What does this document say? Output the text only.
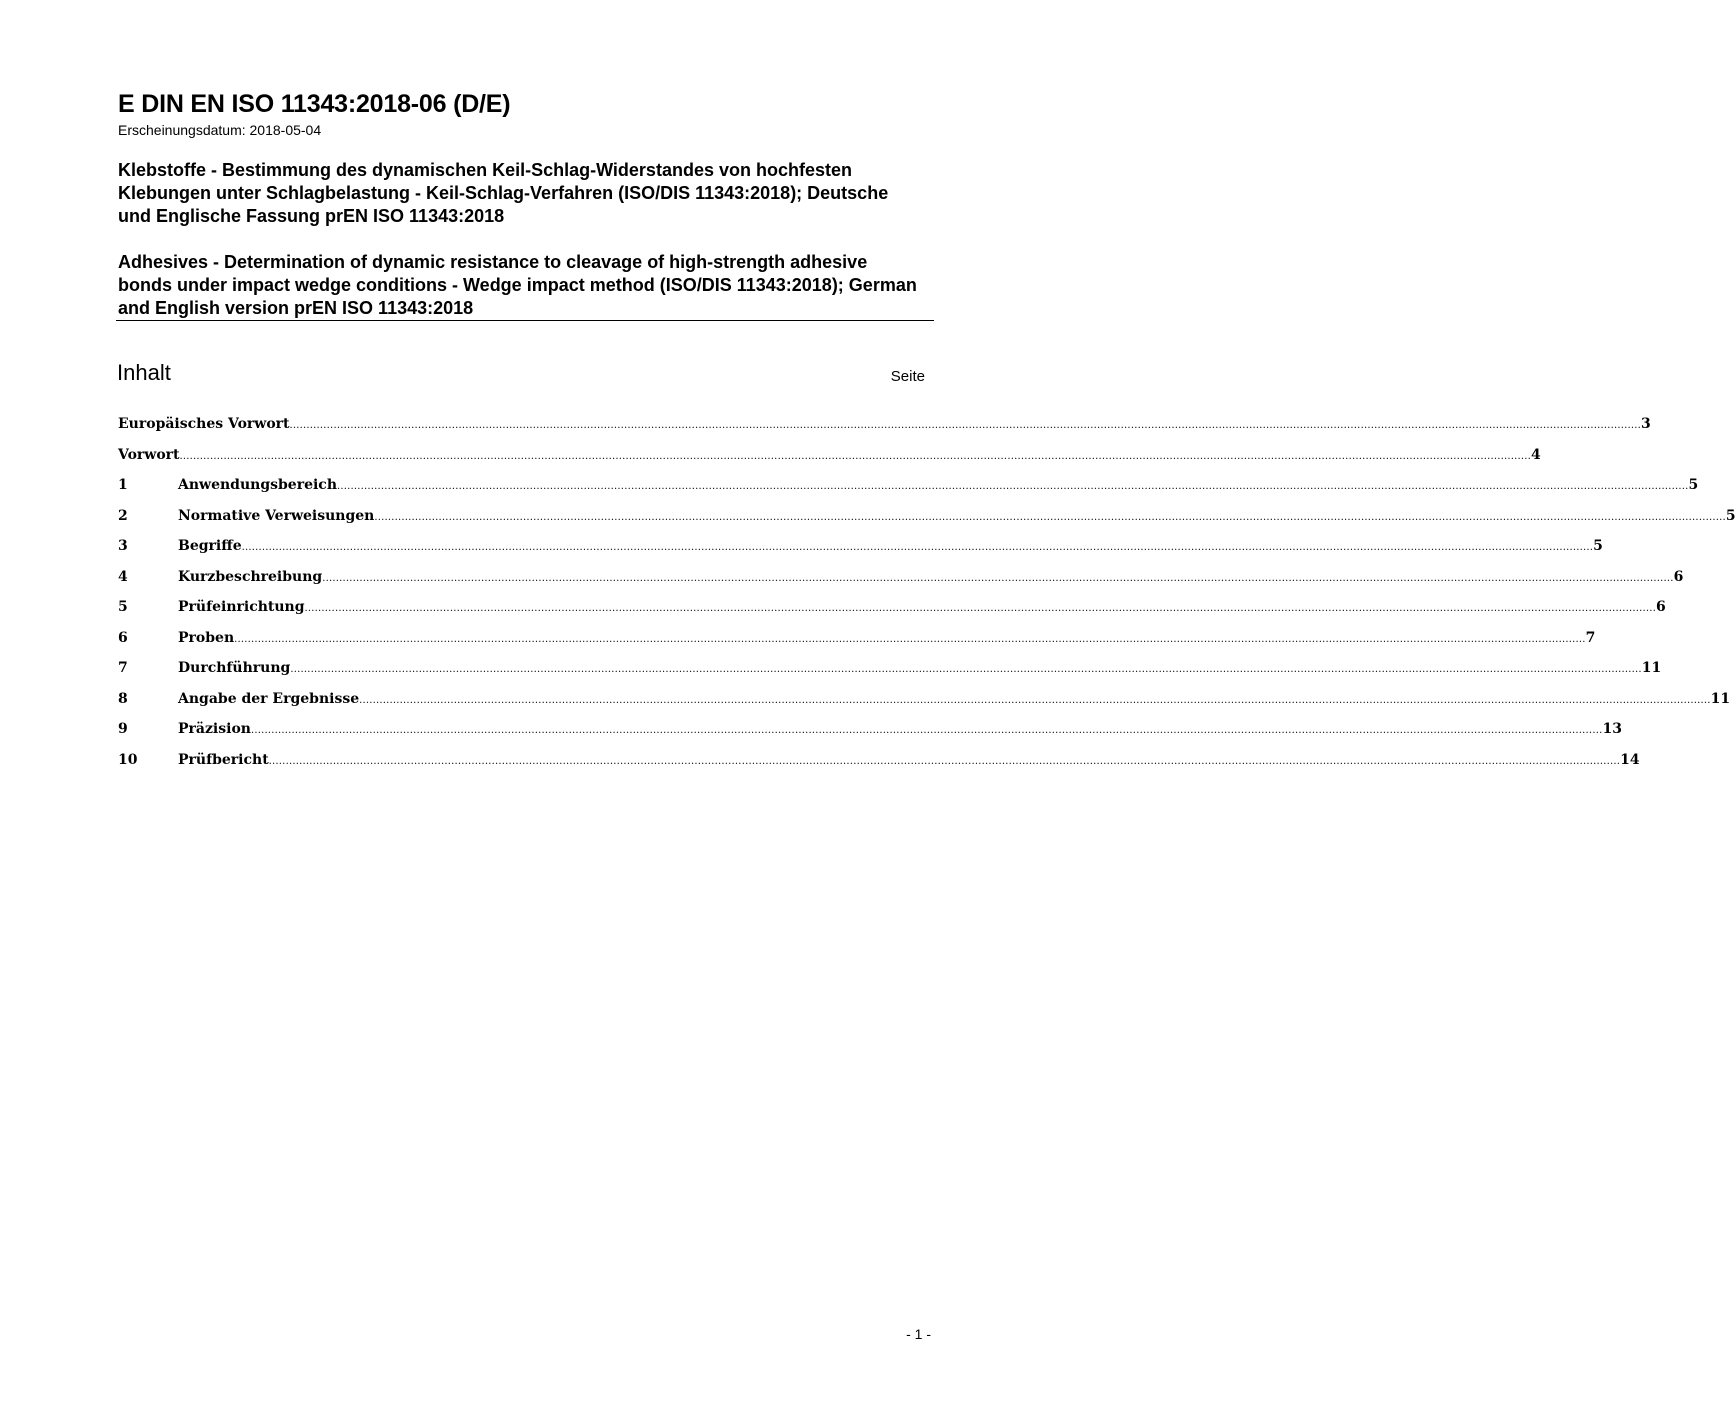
E DIN EN ISO 11343:2018-06 (D/E)
Erscheinungsdatum: 2018-05-04
Klebstoffe - Bestimmung des dynamischen Keil-Schlag-Widerstandes von hochfesten Klebungen unter Schlagbelastung - Keil-Schlag-Verfahren (ISO/DIS 11343:2018); Deutsche und Englische Fassung prEN ISO 11343:2018
Adhesives - Determination of dynamic resistance to cleavage of high-strength adhesive bonds under impact wedge conditions - Wedge impact method (ISO/DIS 11343:2018); German and English version prEN ISO 11343:2018
Inhalt	Seite
Europäisches Vorwort ................................................................................................................................................................................................................................................................................................................................................................................................................ 3
Vorwort ................................................................................................................................................................................................................................................................................................................................................................................................................ 4
1	Anwendungsbereich ................................................................................................................................................................................................................................................................................................................................................................................................................ 5
2	Normative Verweisungen ................................................................................................................................................................................................................................................................................................................................................................................................................ 5
3	Begriffe ................................................................................................................................................................................................................................................................................................................................................................................................................ 5
4	Kurzbeschreibung ................................................................................................................................................................................................................................................................................................................................................................................................................ 6
5	Prüfeinrichtung ................................................................................................................................................................................................................................................................................................................................................................................................................ 6
6	Proben ................................................................................................................................................................................................................................................................................................................................................................................................................ 7
7	Durchführung ................................................................................................................................................................................................................................................................................................................................................................................................................ 11
8	Angabe der Ergebnisse ................................................................................................................................................................................................................................................................................................................................................................................................................ 11
9	Präzision ................................................................................................................................................................................................................................................................................................................................................................................................................ 13
10	Prüfbericht ................................................................................................................................................................................................................................................................................................................................................................................................................ 14
- 1 -
